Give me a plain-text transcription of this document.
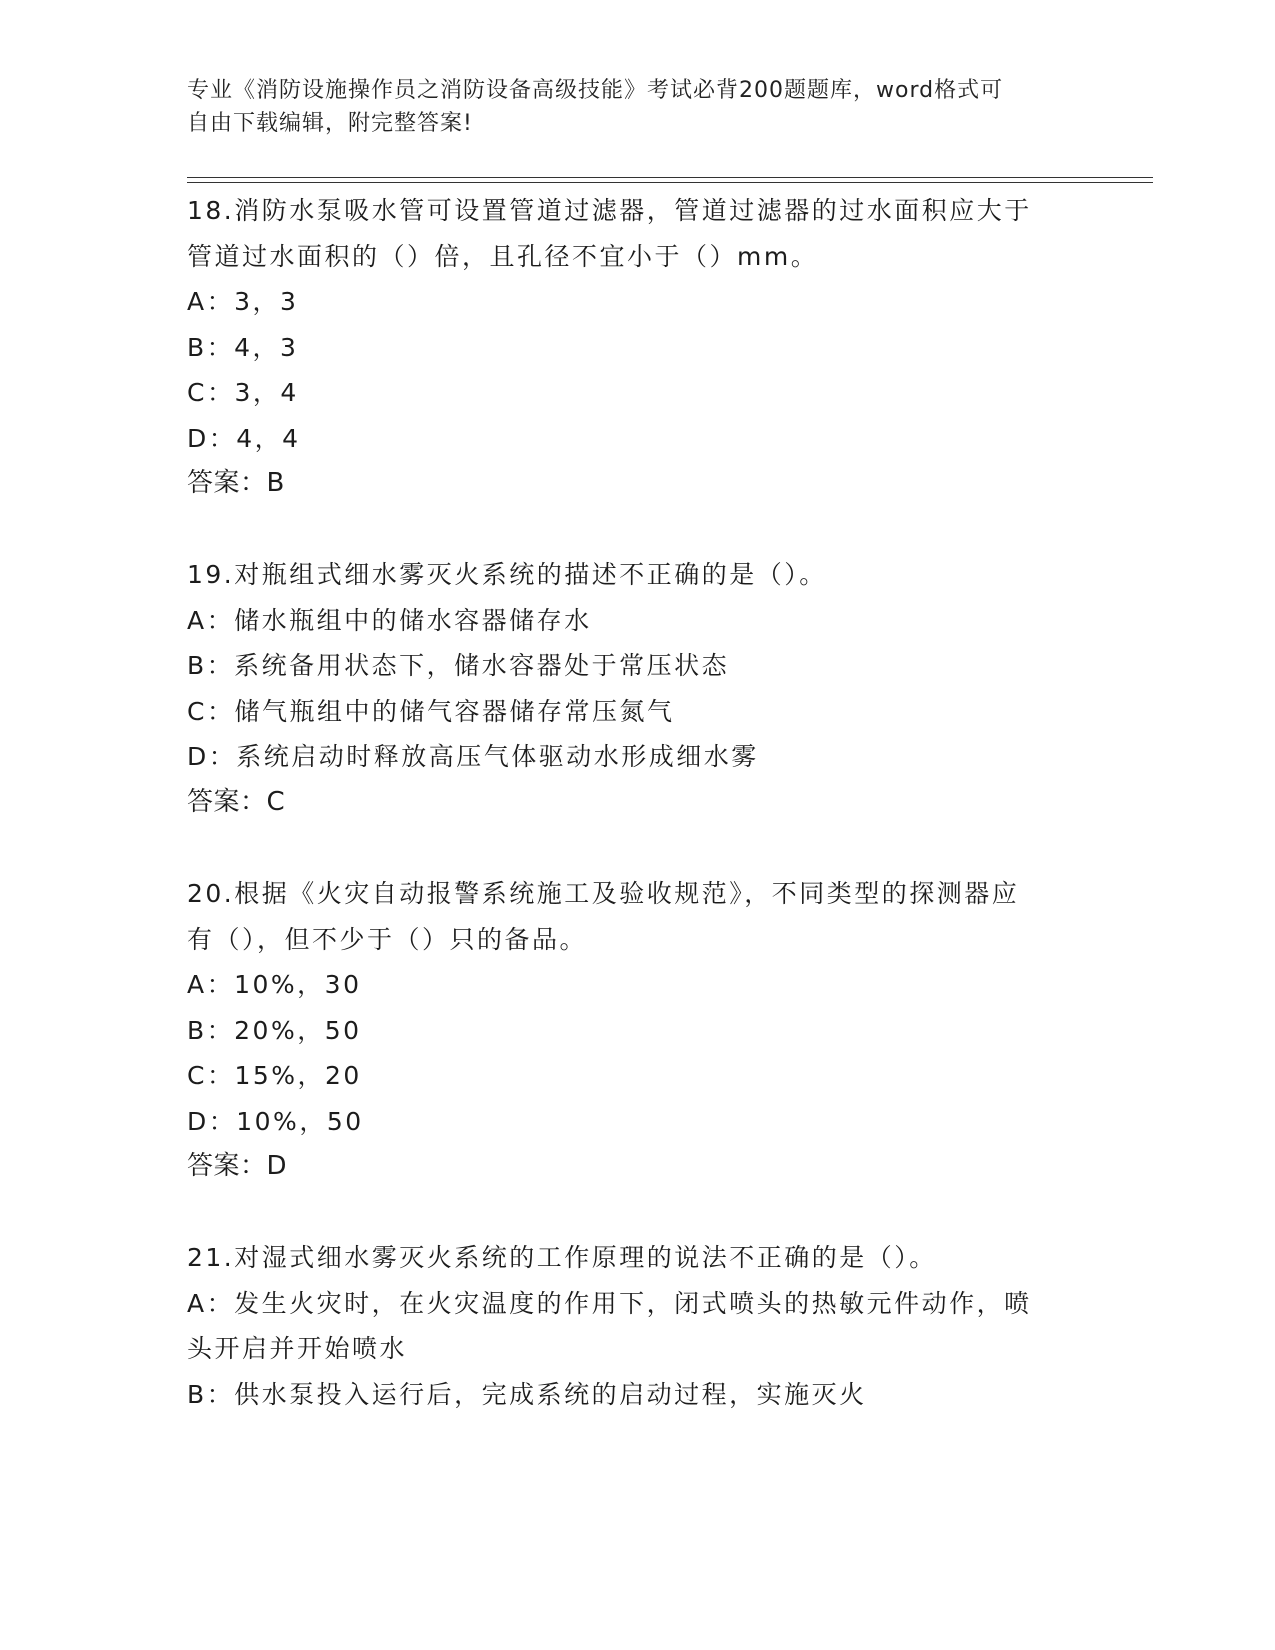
专业《消防设施操作员之消防设备高级技能》考试必背200题题库，word格式可
自由下载编辑，附完整答案!
18.消防水泵吸水管可设置管道过滤器，管道过滤器的过水面积应大于
管道过水面积的（）倍，且孔径不宜小于（）mm。
A：3，3
B：4，3
C：3，4
D：4，4
答案：B
19.对瓶组式细水雾灭火系统的描述不正确的是（）。
A：储水瓶组中的储水容器储存水
B：系统备用状态下，储水容器处于常压状态
C：储气瓶组中的储气容器储存常压氮气
D：系统启动时释放高压气体驱动水形成细水雾
答案：C
20.根据《火灾自动报警系统施工及验收规范》，不同类型的探测器应
有（），但不少于（）只的备品。
A：10%，30
B：20%，50
C：15%，20
D：10%，50
答案：D
21.对湿式细水雾灭火系统的工作原理的说法不正确的是（）。
A：发生火灾时，在火灾温度的作用下，闭式喷头的热敏元件动作，喷
头开启并开始喷水
B：供水泵投入运行后，完成系统的启动过程，实施灭火
